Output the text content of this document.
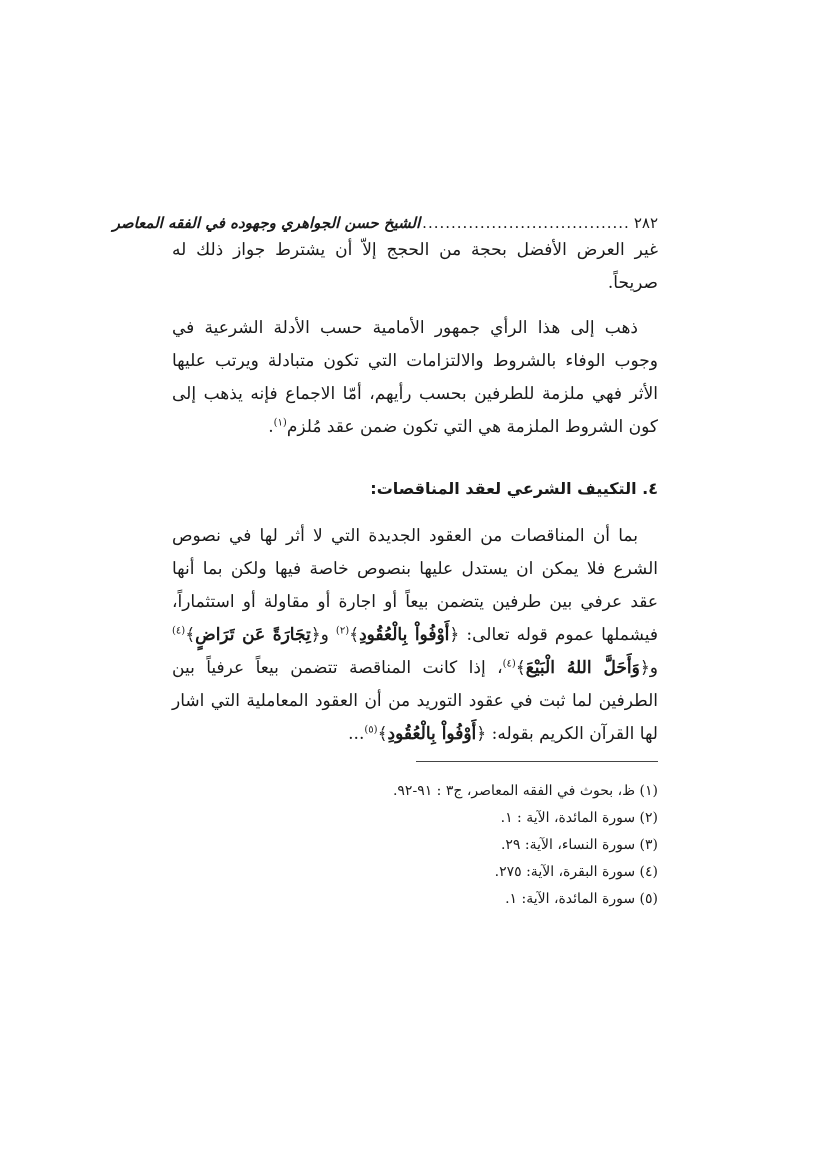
٢٨٢
....................................
الشيخ حسن الجواهري وجهوده في الفقه المعاصر

غير العرض الأفضل بحجة من الحجج إلاّ أن يشترط جواز ذلك له صريحاً.

ذهب إلى هذا الرأي جمهور الأمامية حسب الأدلة الشرعية في وجوب الوفاء بالشروط والالتزامات التي تكون متبادلة ويرتب عليها الأثر فهي ملزمة للطرفين بحسب رأيهم، أمّا الاجماع فإنه يذهب إلى كون الشروط الملزمة هي التي تكون ضمن عقد مُلزم$^{(١)}$.

٤. التكييف الشرعي لعقد المناقصات:

بما أن المناقصات من العقود الجديدة التي لا أثر لها في نصوص الشرع فلا يمكن ان يستدل عليها بنصوص خاصة فيها ولكن بما أنها عقد عرفي بين طرفين يتضمن بيعاً أو اجارة أو مقاولة أو استثماراً، فيشملها عموم قوله تعالى: ﴿أَوْفُواْ بِالْعُقُودِ﴾$^{(٢)}$ و﴿تِجَارَةً عَن تَرَاضٍ﴾$^{(٤)}$ و﴿وَأَحَلَّ اللهُ الْبَيْعَ﴾$^{(٤)}$، إذا كانت المناقصة تتضمن بيعاً عرفياً بين الطرفين لما ثبت في عقود التوريد من أن العقود المعاملية التي اشار لها القرآن الكريم بقوله: ﴿أَوْفُواْ بِالْعُقُودِ﴾$^{(٥)}$...

(١) ظ، بحوث في الفقه المعاصر، ج٣ : ٩١-٩٢.
(٢) سورة المائدة، الآية : ١.
(٣) سورة النساء، الآية: ٢٩.
(٤) سورة البقرة، الآية: ٢٧٥.
(٥) سورة المائدة، الآية: ١.
